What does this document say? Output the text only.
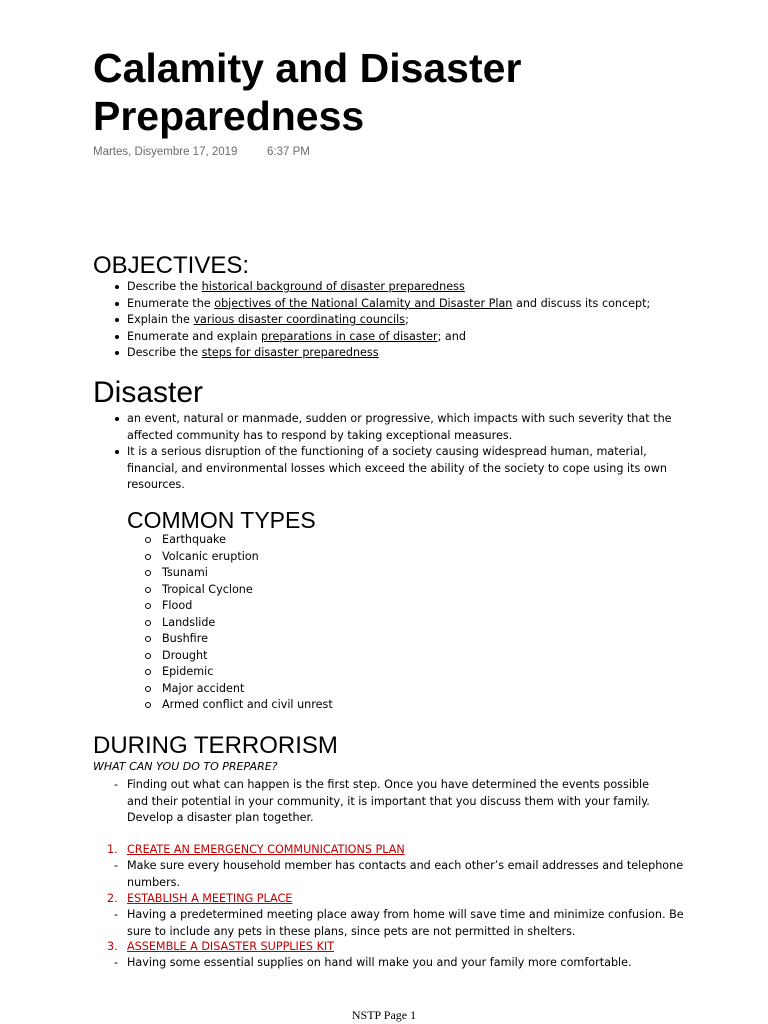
Calamity and Disaster Preparedness
Martes, Disyembre 17, 2019	6:37 PM
OBJECTIVES:
Describe the historical background of disaster preparedness
Enumerate the objectives of the National Calamity and Disaster Plan and discuss its concept;
Explain the various disaster coordinating councils;
Enumerate and explain preparations in case of disaster; and
Describe the steps for disaster preparedness
Disaster
an event, natural or manmade, sudden or progressive, which impacts with such severity that the affected community has to respond by taking exceptional measures.
It is a serious disruption of the functioning of a society causing widespread human, material, financial, and environmental losses which exceed the ability of the society to cope using its own resources.
COMMON TYPES
Earthquake
Volcanic eruption
Tsunami
Tropical Cyclone
Flood
Landslide
Bushfire
Drought
Epidemic
Major accident
Armed conflict and civil unrest
DURING TERRORISM
WHAT CAN YOU DO TO PREPARE?
- Finding out what can happen is the first step. Once you have determined the events possible and their potential in your community, it is important that you discuss them with your family. Develop a disaster plan together.
1. CREATE AN EMERGENCY COMMUNICATIONS PLAN
- Make sure every household member has contacts and each other’s email addresses and telephone numbers.
2. ESTABLISH A MEETING PLACE
- Having a predetermined meeting place away from home will save time and minimize confusion. Be sure to include any pets in these plans, since pets are not permitted in shelters.
3. ASSEMBLE A DISASTER SUPPLIES KIT
- Having some essential supplies on hand will make you and your family more comfortable.
NSTP Page 1
